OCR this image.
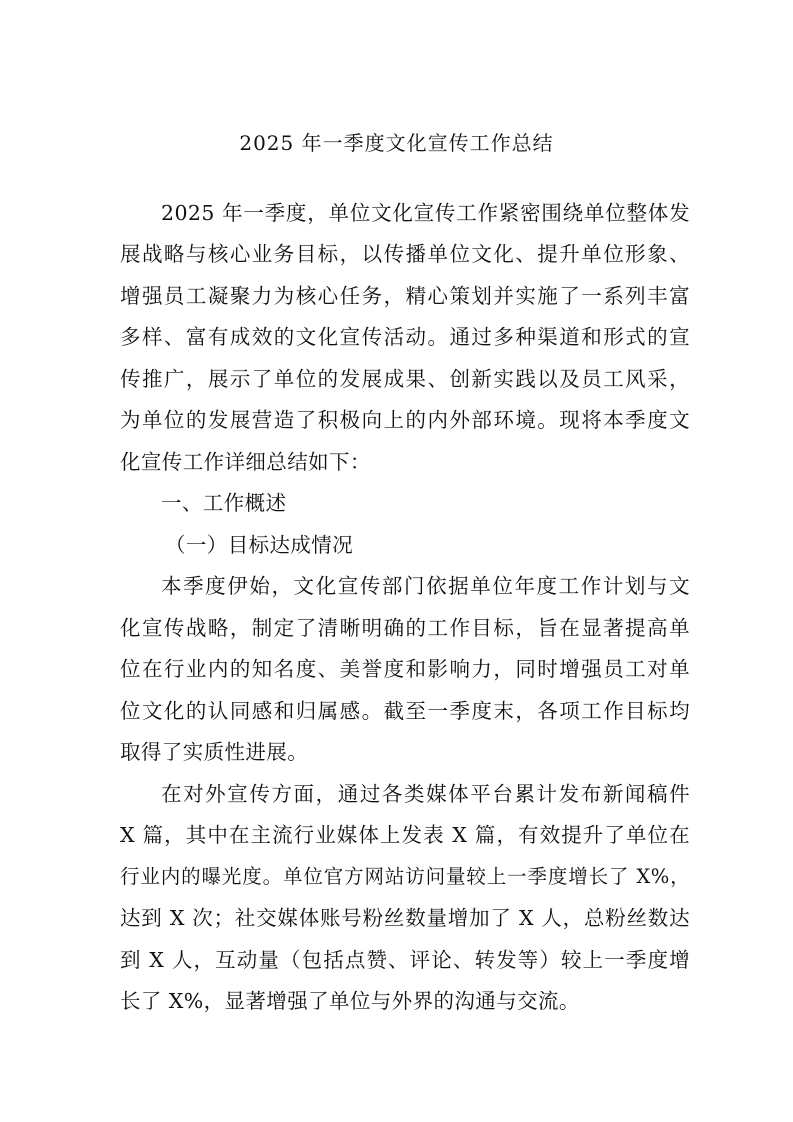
2025 年一季度文化宣传工作总结

2025 年一季度，单位文化宣传工作紧密围绕单位整体发

展战略与核心业务目标，以传播单位文化、提升单位形象、

增强员工凝聚力为核心任务，精心策划并实施了一系列丰富

多样、富有成效的文化宣传活动。通过多种渠道和形式的宣

传推广，展示了单位的发展成果、创新实践以及员工风采，

为单位的发展营造了积极向上的内外部环境。现将本季度文

化宣传工作详细总结如下：

一、工作概述

（一）目标达成情况

本季度伊始，文化宣传部门依据单位年度工作计划与文

化宣传战略，制定了清晰明确的工作目标，旨在显著提高单

位在行业内的知名度、美誉度和影响力，同时增强员工对单

位文化的认同感和归属感。截至一季度末，各项工作目标均

取得了实质性进展。

在对外宣传方面，通过各类媒体平台累计发布新闻稿件

X 篇，其中在主流行业媒体上发表 X 篇，有效提升了单位在

行业内的曝光度。单位官方网站访问量较上一季度增长了 X%，

达到 X 次；社交媒体账号粉丝数量增加了 X 人，总粉丝数达

到 X 人，互动量（包括点赞、评论、转发等）较上一季度增

长了 X%，显著增强了单位与外界的沟通与交流。
